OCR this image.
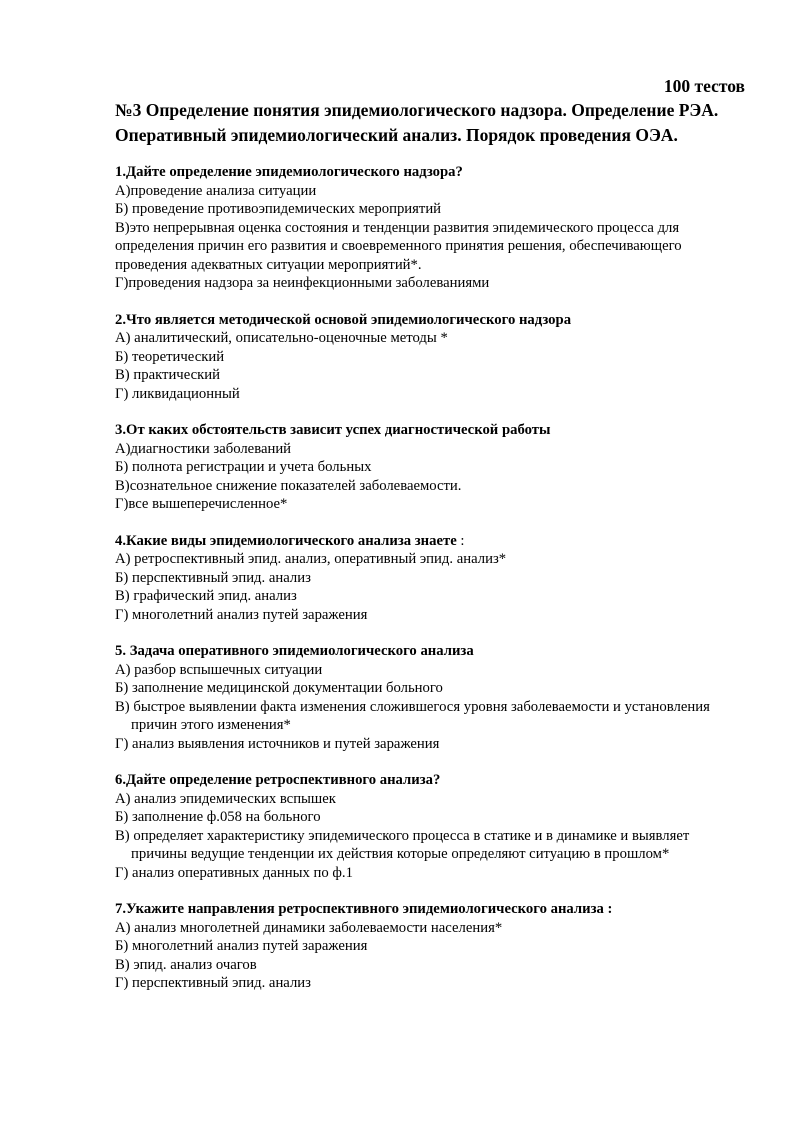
100 тестов

№3 Определение понятия эпидемиологического надзора. Определение РЭА. Оперативный эпидемиологический анализ. Порядок проведения ОЭА.

1.Дайте определение эпидемиологического надзора?

А)проведение анализа ситуации

Б) проведение противоэпидемических мероприятий

В)это непрерывная оценка состояния и тенденции развития эпидемического процесса для определения причин его развития и своевременного принятия решения, обеспечивающего проведения адекватных ситуации мероприятий*.

Г)проведения надзора за неинфекционными заболеваниями

2.Что является методической основой эпидемиологического надзора

А) аналитический, описательно-оценочные методы *

Б) теоретический

В) практический

Г) ликвидационный

3.От каких обстоятельств зависит успех диагностической работы

А)диагностики заболеваний

Б) полнота регистрации и учета больных

В)сознательное снижение показателей заболеваемости.

Г)все вышеперечисленное*

4.Какие виды эпидемиологического анализа знаете :

А) ретроспективный эпид. анализ, оперативный эпид. анализ*

Б) перспективный эпид. анализ

В) графический эпид. анализ

Г) многолетний анализ путей заражения

5. Задача оперативного эпидемиологического анализа

А) разбор вспышечных ситуации

Б) заполнение медицинской документации больного

В) быстрое выявлении факта изменения сложившегося уровня заболеваемости и установления причин этого изменения*

Г) анализ выявления источников и путей заражения

6.Дайте определение ретроспективного анализа?

А) анализ эпидемических вспышек

Б) заполнение ф.058 на больного

В) определяет характеристику эпидемического процесса в статике и в динамике и выявляет причины ведущие тенденции их действия которые определяют ситуацию в прошлом*

Г) анализ оперативных данных по ф.1

7.Укажите направления ретроспективного эпидемиологического анализа :

А) анализ многолетней динамики заболеваемости населения*

Б) многолетний анализ путей заражения

В) эпид. анализ очагов

Г) перспективный эпид. анализ
